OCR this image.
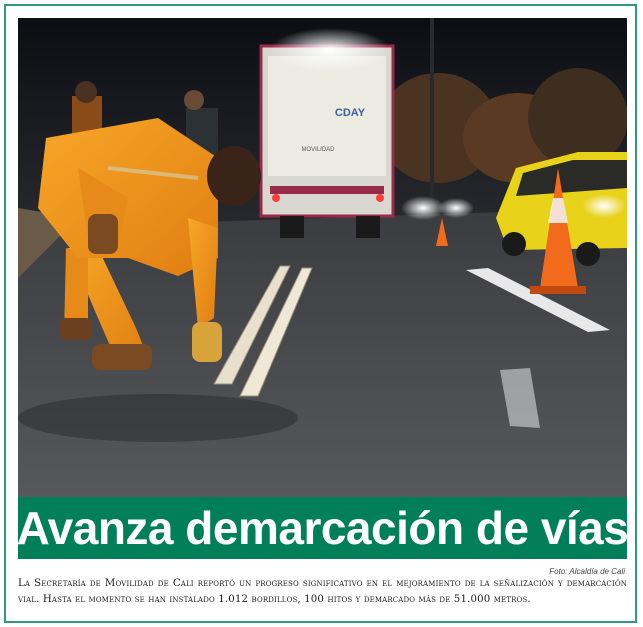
CDAY
MOVILIDAD
Avanza demarcación de vías
Foto: Alcaldía de Cali
La Secretaría de Movilidad de Cali reportó un progreso significativo en el mejoramiento de la señalización y demarcación vial. Hasta el momento se han instalado 1.012 bordillos, 100 hitos y demarcado más de 51.000 metros.
